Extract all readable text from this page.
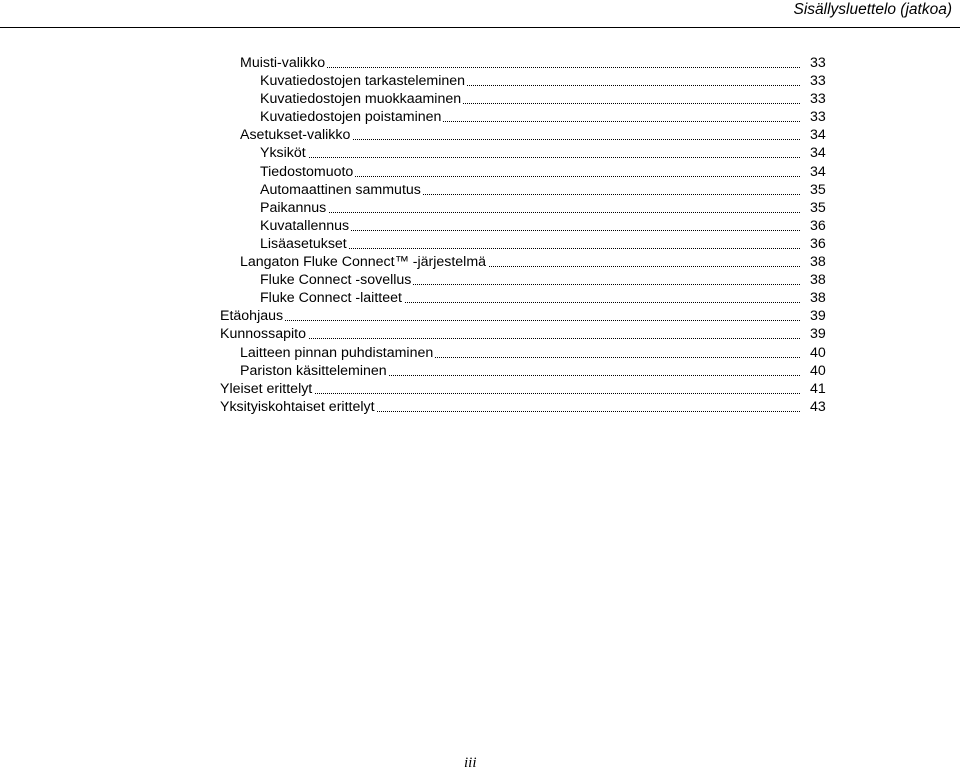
Sisällysluettelo (jatkoa)
Muisti-valikko	33
Kuvatiedostojen tarkasteleminen	33
Kuvatiedostojen muokkaaminen	33
Kuvatiedostojen poistaminen	33
Asetukset-valikko	34
Yksiköt	34
Tiedostomuoto	34
Automaattinen sammutus	35
Paikannus	35
Kuvatallennus	36
Lisäasetukset	36
Langaton Fluke Connect™ -järjestelmä	38
Fluke Connect -sovellus	38
Fluke Connect -laitteet	38
Etäohjaus	39
Kunnossapito	39
Laitteen pinnan puhdistaminen	40
Pariston käsitteleminen	40
Yleiset erittelyt	41
Yksityiskohtaiset erittelyt	43
iii
